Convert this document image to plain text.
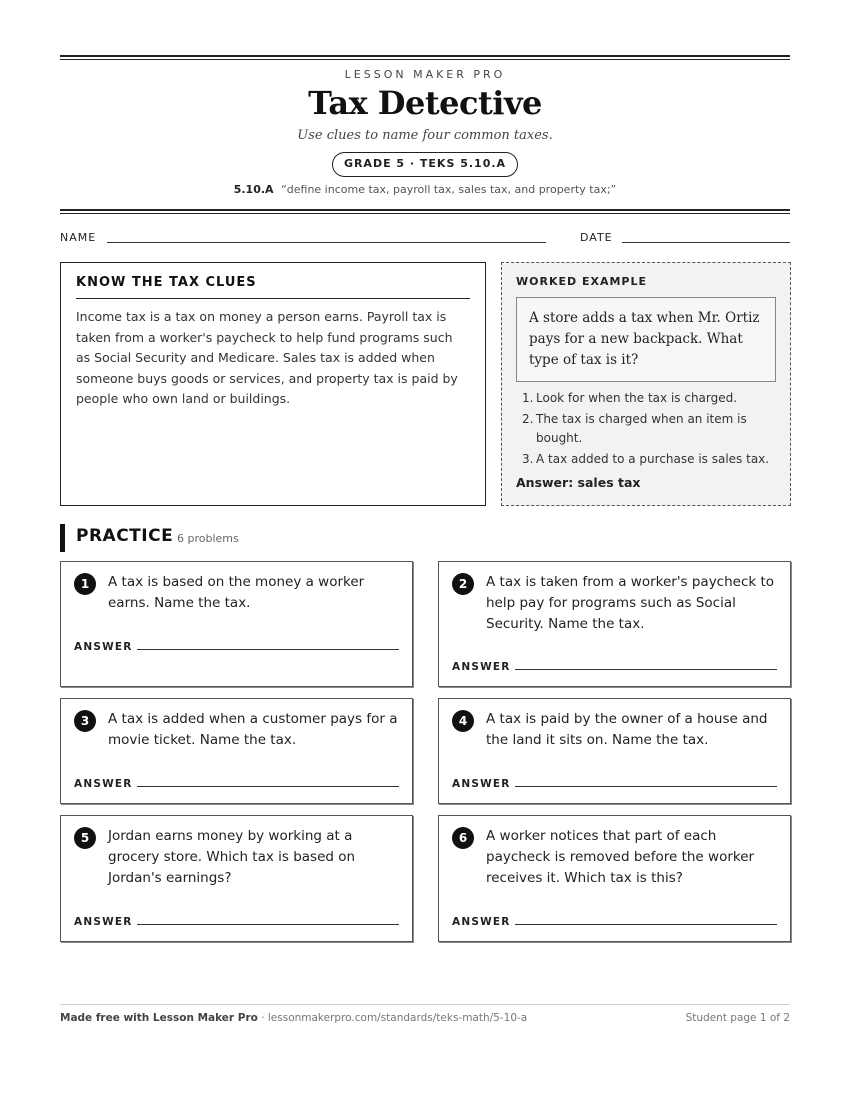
LESSON MAKER PRO
Tax Detective
Use clues to name four common taxes.
GRADE 5 · TEKS 5.10.A
5.10.A “define income tax, payroll tax, sales tax, and property tax;”
NAME	DATE
KNOW THE TAX CLUES
Income tax is a tax on money a person earns. Payroll tax is taken from a worker's paycheck to help fund programs such as Social Security and Medicare. Sales tax is added when someone buys goods or services, and property tax is paid by people who own land or buildings.
WORKED EXAMPLE
A store adds a tax when Mr. Ortiz pays for a new backpack. What type of tax is it?
1. Look for when the tax is charged.
2. The tax is charged when an item is bought.
3. A tax added to a purchase is sales tax.
Answer: sales tax
PRACTICE 6 problems
1	A tax is based on the money a worker earns. Name the tax.
ANSWER
2	A tax is taken from a worker's paycheck to help pay for programs such as Social Security. Name the tax.
ANSWER
3	A tax is added when a customer pays for a movie ticket. Name the tax.
ANSWER
4	A tax is paid by the owner of a house and the land it sits on. Name the tax.
ANSWER
5	Jordan earns money by working at a grocery store. Which tax is based on Jordan's earnings?
ANSWER
6	A worker notices that part of each paycheck is removed before the worker receives it. Which tax is this?
ANSWER
Made free with Lesson Maker Pro · lessonmakerpro.com/standards/teks-math/5-10-a	Student page 1 of 2
